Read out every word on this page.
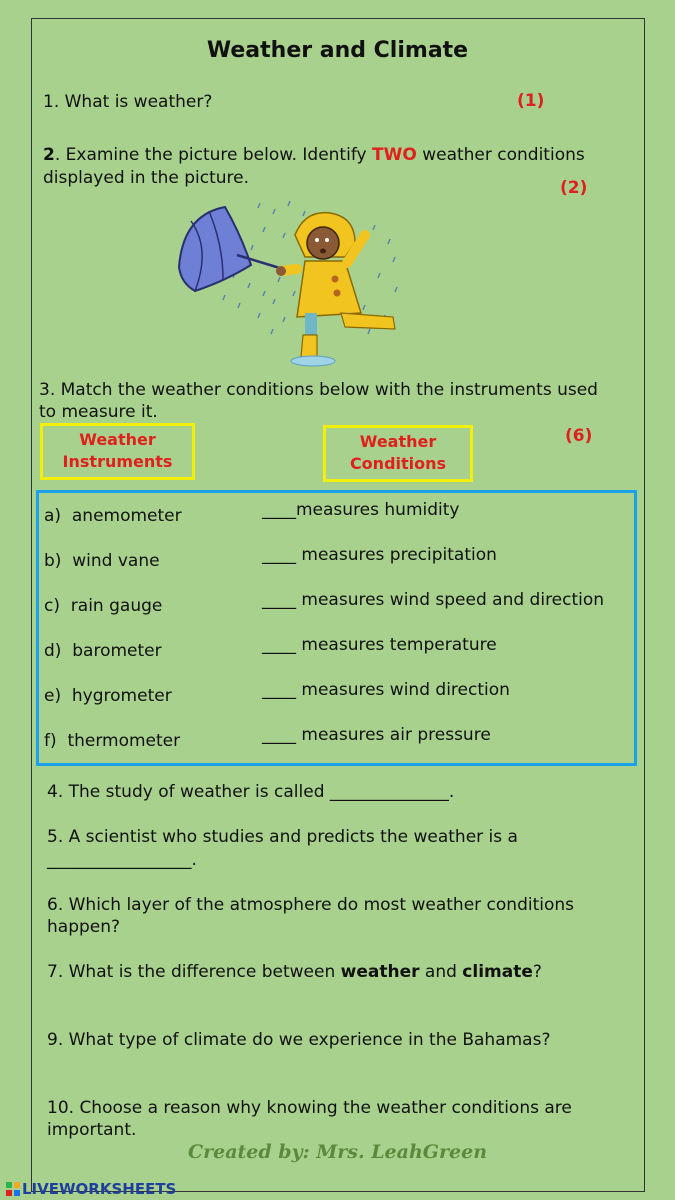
Weather and Climate
1. What is weather?	(1)
2. Examine the picture below. Identify TWO weather conditions
displayed in the picture.	(2)
3. Match the weather conditions below with the instruments used
to measure it.
(6)
Weather Instruments
Weather Conditions
a) anemometer
b) wind vane
c) rain gauge
d) barometer
e) hygrometer
f) thermometer
____measures humidity
____ measures precipitation
____ measures wind speed and direction
____ measures temperature
____ measures wind direction
____ measures air pressure
4. The study of weather is called ______________.
5. A scientist who studies and predicts the weather is a
_________________.
6. Which layer of the atmosphere do most weather conditions
happen?
7. What is the difference between weather and climate?
9. What type of climate do we experience in the Bahamas?
10. Choose a reason why knowing the weather conditions are
important.
Created by: Mrs. LeahGreen
LIVEWORKSHEETS
